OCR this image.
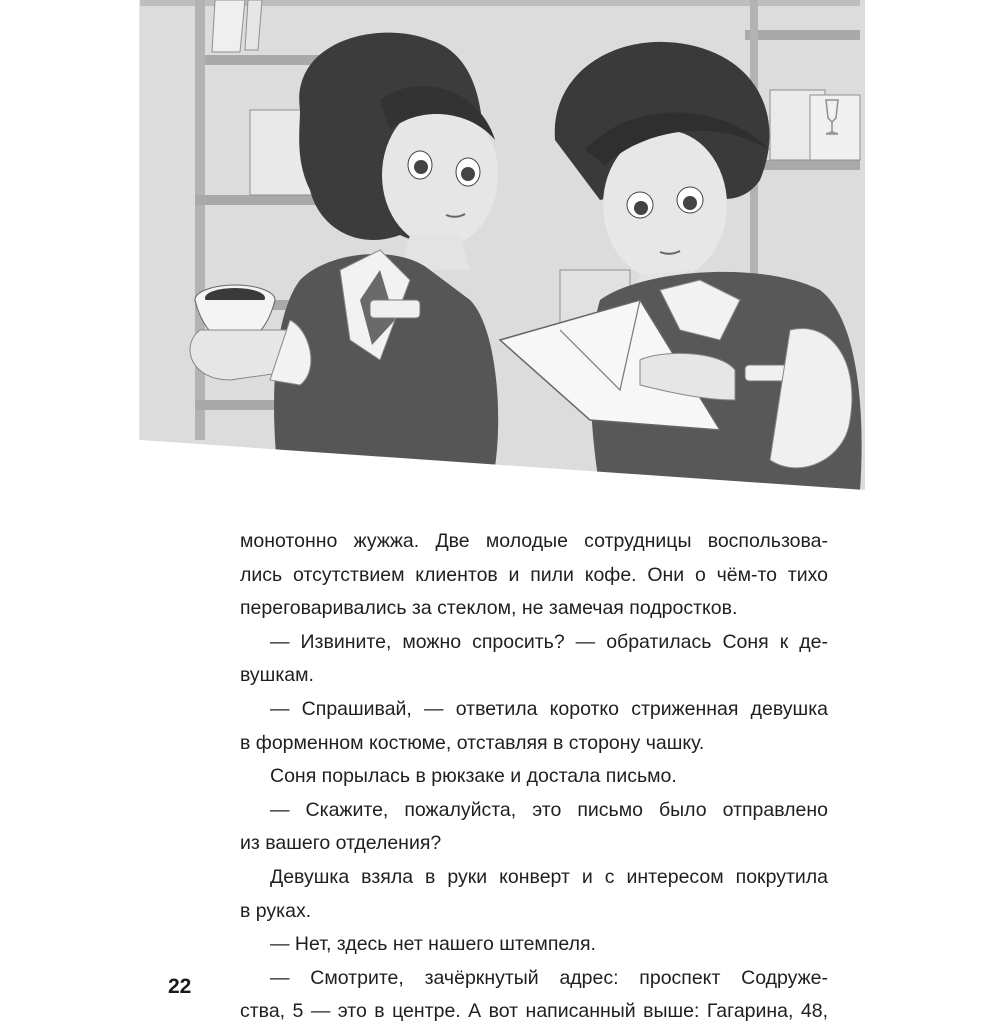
монотонно жужжа. Две молодые сотрудницы воспользова-
лись отсутствием клиентов и пили кофе. Они о чём-то тихо
переговаривались за стеклом, не замечая подростков.
— Извините, можно спросить? — обратилась Соня к де-
вушкам.
— Спрашивай, — ответила коротко стриженная девушка
в форменном костюме, отставляя в сторону чашку.
Соня порылась в рюкзаке и достала письмо.
— Скажите, пожалуйста, это письмо было отправлено
из вашего отделения?
Девушка взяла в руки конверт и с интересом покрутила
в руках.
— Нет, здесь нет нашего штемпеля.
— Смотрите, зачёркнутый адрес: проспект Содруже-
ства, 5 — это в центре. А вот написанный выше: Гагарина, 48,
22
